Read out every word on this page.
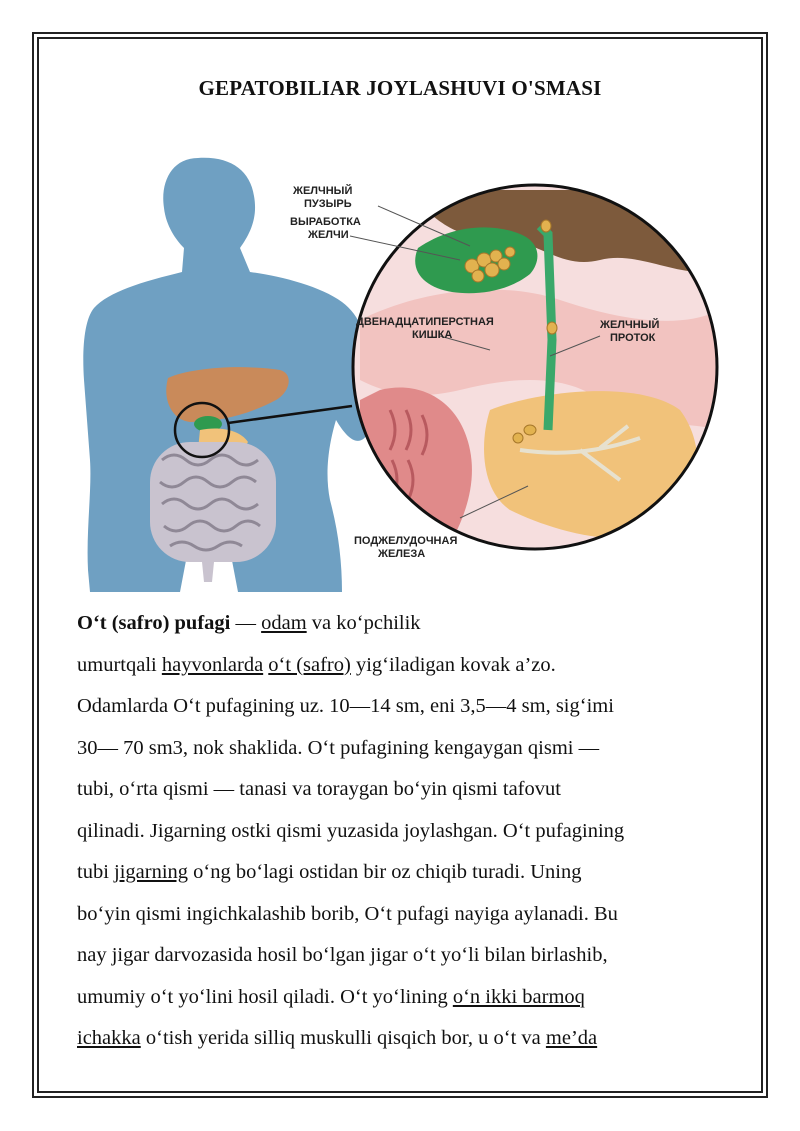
GEPATOBILIAR JOYLASHUVI O'SMASI
ЖЕЛЧНЫЙ
ПУЗЫРЬ
ВЫРАБОТКА
ЖЕЛЧИ
ДВЕНАДЦАТИПЕРСТНАЯ
КИШКА
ЖЕЛЧНЫЙ
ПРОТОК
ПОДЖЕЛУДОЧНАЯ
ЖЕЛЕЗА
O‘t (safro) pufagi — odam va ko‘pchilik
umurtqali hayvonlarda o‘t (safro) yig‘iladigan kovak a’zo.
Odamlarda O‘t pufagining uz. 10—14 sm, eni 3,5—4 sm, sig‘imi
30— 70 sm3, nok shaklida. O‘t pufagining kengaygan qismi —
tubi, o‘rta qismi — tanasi va toraygan bo‘yin qismi tafovut
qilinadi. Jigarning ostki qismi yuzasida joylashgan. O‘t pufagining
tubi jigarning o‘ng bo‘lagi ostidan bir oz chiqib turadi. Uning
bo‘yin qismi ingichkalashib borib, O‘t pufagi nayiga aylanadi. Bu
nay jigar darvozasida hosil bo‘lgan jigar o‘t yo‘li bilan birlashib,
umumiy o‘t yo‘lini hosil qiladi. O‘t yo‘lining o‘n ikki barmoq
ichakka o‘tish yerida silliq muskulli qisqich bor, u o‘t va me’da
